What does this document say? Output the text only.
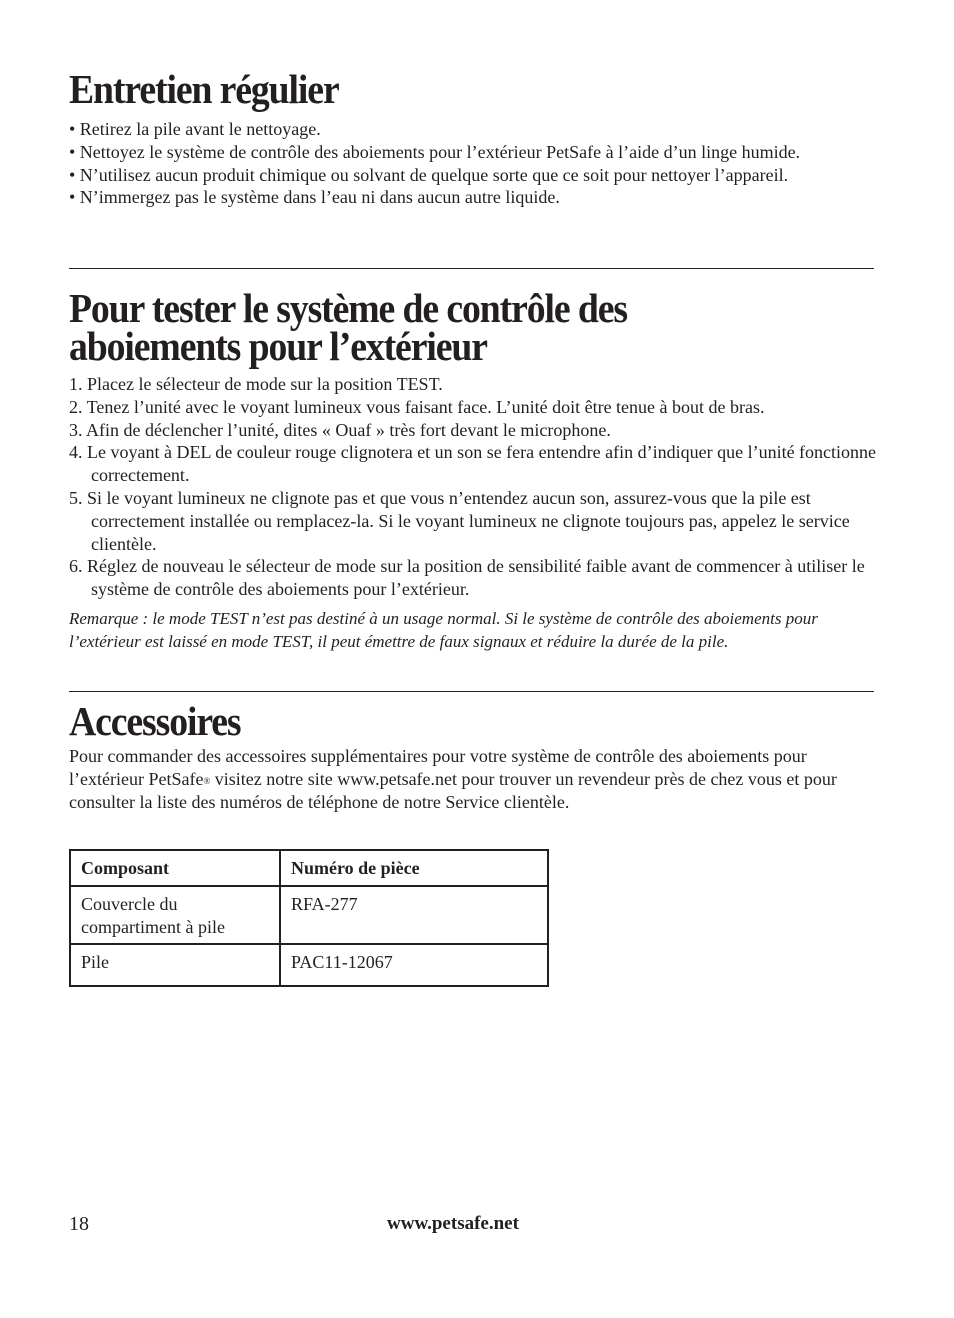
Entretien régulier
• Retirez la pile avant le nettoyage.
• Nettoyez le système de contrôle des aboiements pour l’extérieur PetSafe à l’aide d’un linge humide.
• N’utilisez aucun produit chimique ou solvant de quelque sorte que ce soit pour nettoyer l’appareil.
• N’immergez pas le système dans l’eau ni dans aucun autre liquide.
Pour tester le système de contrôle des
aboiements pour l’extérieur
1. Placez le sélecteur de mode sur la position TEST.
2. Tenez l’unité avec le voyant lumineux vous faisant face. L’unité doit être tenue à bout de bras.
3. Afin de déclencher l’unité, dites « Ouaf » très fort devant le microphone.
4. Le voyant à DEL de couleur rouge clignotera et un son se fera entendre afin d’indiquer que l’unité fonctionne correctement.
5. Si le voyant lumineux ne clignote pas et que vous n’entendez aucun son, assurez-vous que la pile est correctement installée ou remplacez-la. Si le voyant lumineux ne clignote toujours pas, appelez le service clientèle.
6. Réglez de nouveau le sélecteur de mode sur la position de sensibilité faible avant de commencer à utiliser le système de contrôle des aboiements pour l’extérieur.

Remarque : le mode TEST n’est pas destiné à un usage normal. Si le système de contrôle des aboiements pour l’extérieur est laissé en mode TEST, il peut émettre de faux signaux et réduire la durée de la pile.

Accessoires

Pour commander des accessoires supplémentaires pour votre système de contrôle des aboiements pour l’extérieur PetSafe® visitez notre site www.petsafe.net pour trouver un revendeur près de chez vous et pour consulter la liste des numéros de téléphone de notre Service clientèle.

Composant	Numéro de pièce
Couvercle du compartiment à pile	RFA-277
Pile	PAC11-12067
18	www.petsafe.net
